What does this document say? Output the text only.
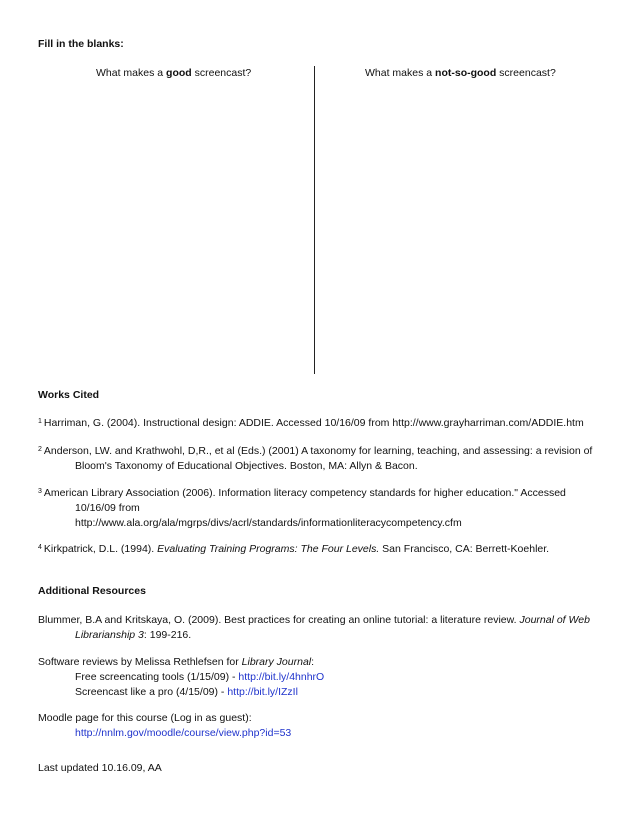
Fill in the blanks:
What makes a good screencast?	What makes a not-so-good screencast?
Works Cited
$^1$ Harriman, G. (2004). Instructional design: ADDIE. Accessed 10/16/09 from http://www.grayharriman.com/ADDIE.htm
$^2$ Anderson, LW. and Krathwohl, D,R., et al (Eds.) (2001) A taxonomy for learning, teaching, and assessing: a revision of
Bloom's Taxonomy of Educational Objectives. Boston, MA: Allyn & Bacon.
$^3$ American Library Association (2006). Information literacy competency standards for higher education." Accessed
10/16/09 from
http://www.ala.org/ala/mgrps/divs/acrl/standards/informationliteracycompetency.cfm
$^4$ Kirkpatrick, D.L. (1994). Evaluating Training Programs: The Four Levels. San Francisco, CA: Berrett-Koehler.
Additional Resources
Blummer, B.A and Kritskaya, O. (2009). Best practices for creating an online tutorial: a literature review. Journal of Web
Librarianship 3: 199-216.
Software reviews by Melissa Rethlefsen for Library Journal:
Free screencating tools (1/15/09) - http://bit.ly/4hnhrO
Screencast like a pro (4/15/09) - http://bit.ly/IZzIl
Moodle page for this course (Log in as guest):
http://nnlm.gov/moodle/course/view.php?id=53
Last updated 10.16.09, AA
